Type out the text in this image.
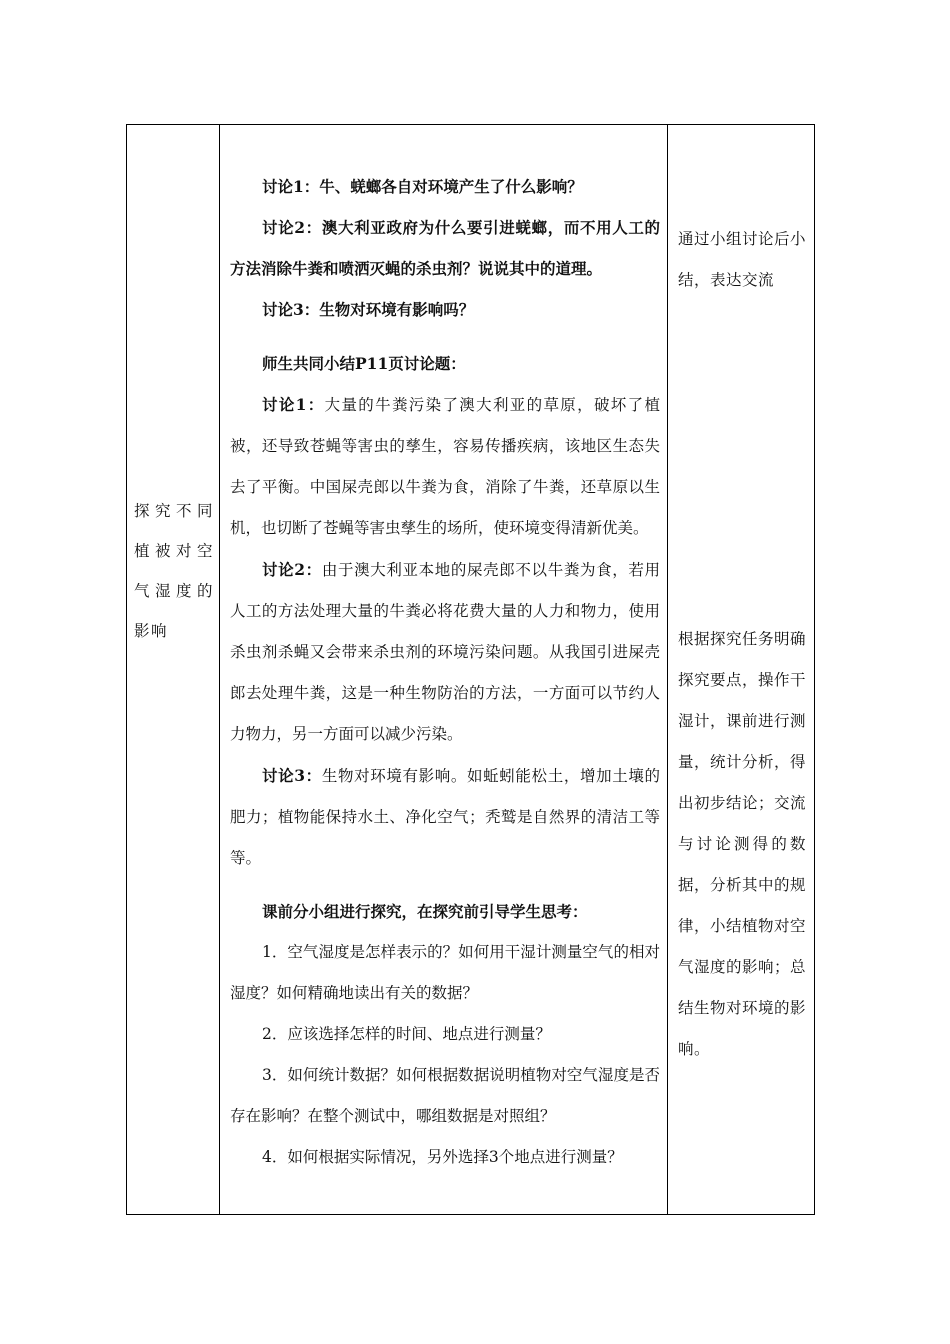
探究不同植被对空气湿度的影响

讨论1：牛、蜣螂各自对环境产生了什么影响？

讨论2：澳大利亚政府为什么要引进蜣螂，而不用人工的方法消除牛粪和喷洒灭蝇的杀虫剂？说说其中的道理。

讨论3：生物对环境有影响吗？

师生共同小结P11页讨论题：

讨论1：大量的牛粪污染了澳大利亚的草原，破坏了植被，还导致苍蝇等害虫的孳生，容易传播疾病，该地区生态失去了平衡。中国屎壳郎以牛粪为食，消除了牛粪，还草原以生机，也切断了苍蝇等害虫孳生的场所，使环境变得清新优美。

讨论2：由于澳大利亚本地的屎壳郎不以牛粪为食，若用人工的方法处理大量的牛粪必将花费大量的人力和物力，使用杀虫剂杀蝇又会带来杀虫剂的环境污染问题。从我国引进屎壳郎去处理牛粪，这是一种生物防治的方法，一方面可以节约人力物力，另一方面可以减少污染。

讨论3：生物对环境有影响。如蚯蚓能松土，增加土壤的肥力；植物能保持水土、净化空气；秃鹫是自然界的清洁工等等。

课前分小组进行探究，在探究前引导学生思考：

1．空气湿度是怎样表示的？如何用干湿计测量空气的相对湿度？如何精确地读出有关的数据？

2．应该选择怎样的时间、地点进行测量？

3．如何统计数据？如何根据数据说明植物对空气湿度是否存在影响？在整个测试中，哪组数据是对照组？

4．如何根据实际情况，另外选择3个地点进行测量？

通过小组讨论后小结，表达交流
根据探究任务明确探究要点，操作干湿计，课前进行测量，统计分析，得出初步结论；交流与讨论测得的数据，分析其中的规律，小结植物对空气湿度的影响；总结生物对环境的影响。
